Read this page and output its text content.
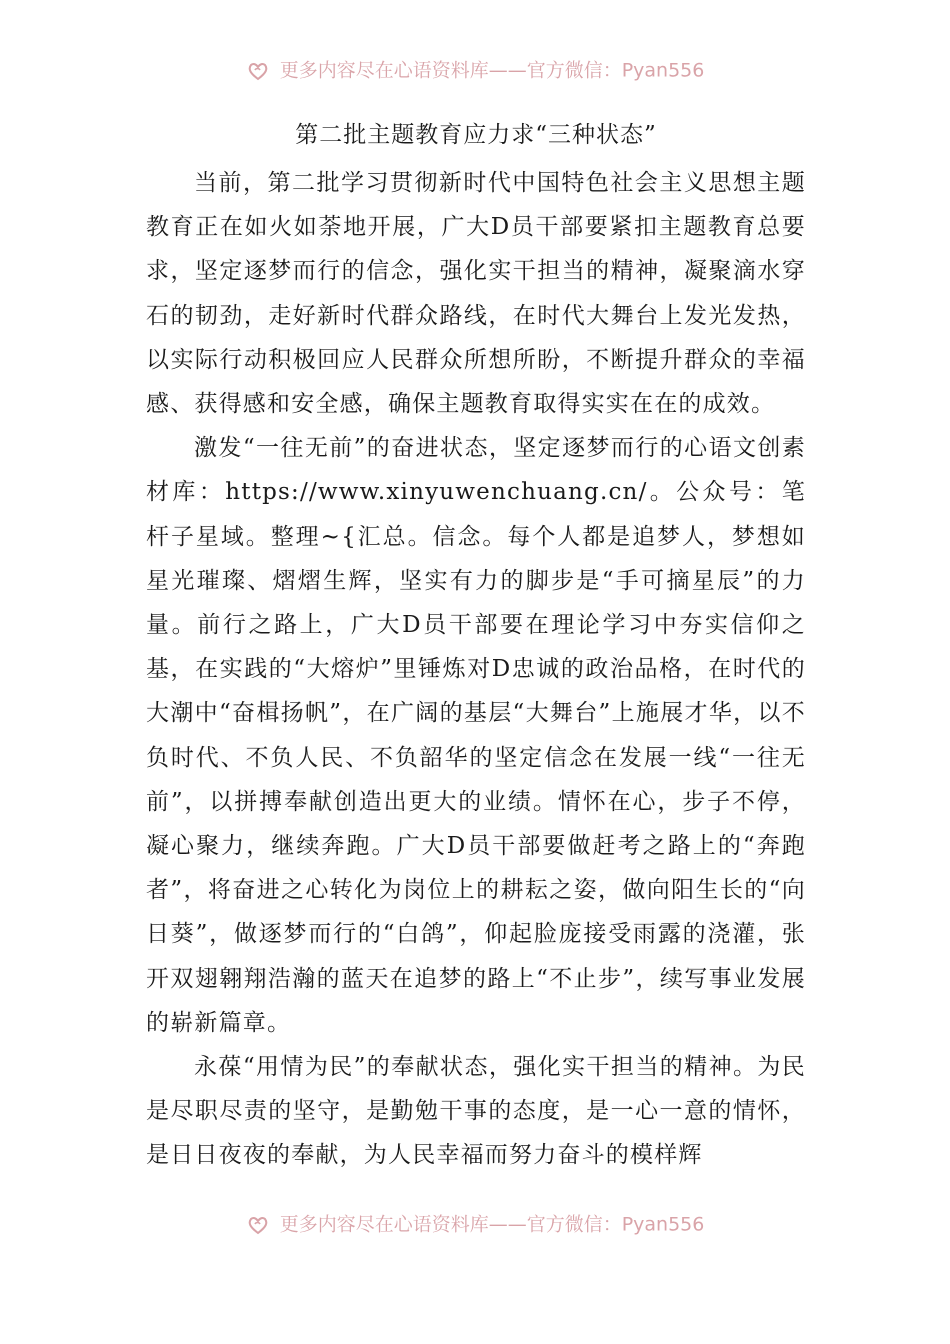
更多内容尽在心语资料库——官方微信：Pyan556
第二批主题教育应力求“三种状态”

当前，第二批学习贯彻新时代中国特色社会主义思想主题教育正在如火如荼地开展，广大D员干部要紧扣主题教育总要求，坚定逐梦而行的信念，强化实干担当的精神，凝聚滴水穿石的韧劲，走好新时代群众路线，在时代大舞台上发光发热，以实际行动积极回应人民群众所想所盼，不断提升群众的幸福感、获得感和安全感，确保主题教育取得实实在在的成效。

激发“一往无前”的奋进状态，坚定逐梦而行的心语文创素材库：https://www.xinyuwenchuang.cn/。公众号：笔杆子星域。整理~{汇总。信念。每个人都是追梦人，梦想如星光璀璨、熠熠生辉，坚实有力的脚步是“手可摘星辰”的力量。前行之路上，广大D员干部要在理论学习中夯实信仰之基，在实践的“大熔炉”里锤炼对D忠诚的政治品格，在时代的大潮中“奋楫扬帆”，在广阔的基层“大舞台”上施展才华，以不负时代、不负人民、不负韶华的坚定信念在发展一线“一往无前”，以拼搏奉献创造出更大的业绩。情怀在心，步子不停，凝心聚力，继续奔跑。广大D员干部要做赶考之路上的“奔跑者”，将奋进之心转化为岗位上的耕耘之姿，做向阳生长的“向日葵”，做逐梦而行的“白鸽”，仰起脸庞接受雨露的浇灌，张开双翅翱翔浩瀚的蓝天在追梦的路上“不止步”，续写事业发展的崭新篇章。

永葆“用情为民”的奉献状态，强化实干担当的精神。为民是尽职尽责的坚守，是勤勉干事的态度，是一心一意的情怀，是日日夜夜的奉献，为人民幸福而努力奋斗的模样辉

更多内容尽在心语资料库——官方微信：Pyan556
